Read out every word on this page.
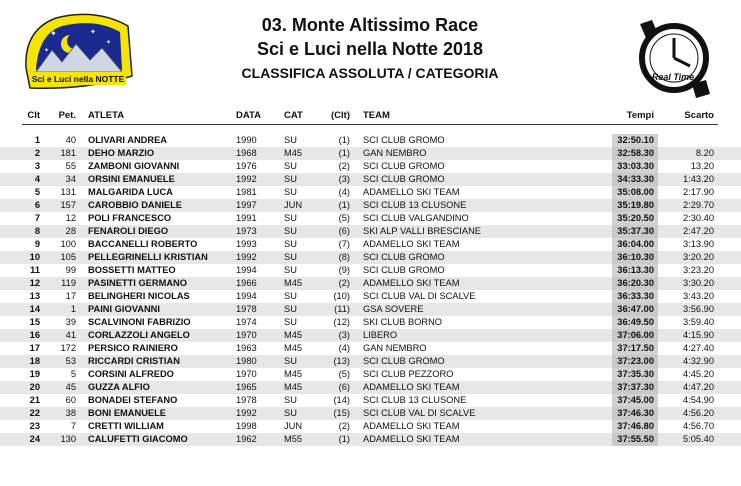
✦	✦
✦
✦
Sci e Luci nella NOTTE
03. Monte Altissimo Race
Sci e Luci nella Notte 2018
CLASSIFICA ASSOLUTA / CATEGORIA	Real Time
Clt	Pet. ATLETA	DATA CAT	(Clt) TEAM	Tempi	Scarto
1	40 OLIVARI ANDREA	1990	SU	(1) SCI CLUB GROMO	32:50.10
2	181 DEHO MARZIO	1968	M45	(1) GAN NEMBRO	32:58.30	8.20
3	55 ZAMBONI GIOVANNI	1976	SU	(2) SCI CLUB GROMO	33:03.30	13.20
4	34 ORSINI EMANUELE	1992	SU	(3) SCI CLUB GROMO	34:33.30	1:43.20
5	131 MALGARIDA LUCA	1981	SU	(4) ADAMELLO SKI TEAM	35:08.00	2:17.90
6	157 CAROBBIO DANIELE	1997	JUN	(1) SCI CLUB 13 CLUSONE	35:19.80	2:29.70
7	12 POLI FRANCESCO	1991	SU	(5) SCI CLUB VALGANDINO	35:20.50	2:30.40
8	28 FENAROLI DIEGO	1973	SU	(6) SKI ALP VALLI BRESCIANE	35:37.30	2:47.20
9	100 BACCANELLI ROBERTO	1993	SU	(7) ADAMELLO SKI TEAM	36:04.00	3:13.90
10	105 PELLEGRINELLI KRISTIAN	1992	SU	(8) SCI CLUB GROMO	36:10.30	3:20.20
11	99 BOSSETTI MATTEO	1994	SU	(9) SCI CLUB GROMO	36:13.30	3:23.20
12	119 PASINETTI GERMANO	1966	M45	(2) ADAMELLO SKI TEAM	36:20.30	3:30.20
13	17 BELINGHERI NICOLAS	1994	SU	(10) SCI CLUB VAL DI SCALVE	36:33.30	3:43.20
14	1 PAINI GIOVANNI	1978	SU	(11) GSA SOVERE	36:47.00	3:56.90
15	39 SCALVINONI FABRIZIO	1974	SU	(12) SKI CLUB BORNO	36:49.50	3:59.40
16	41 CORLAZZOLI ANGELO	1970	M45	(3) LIBERO	37:06.00	4:15.90
17	172 PERSICO RAINIERO	1963	M45	(4) GAN NEMBRO	37:17.50	4:27.40
18	53 RICCARDI CRISTIAN	1980	SU	(13) SCI CLUB GROMO	37:23.00	4:32.90
19	5 CORSINI ALFREDO	1970	M45	(5) SCI CLUB PEZZORO	37:35.30	4:45.20
20	45 GUZZA ALFIO	1965	M45	(6) ADAMELLO SKI TEAM	37:37.30	4:47.20
21	60 BONADEI STEFANO	1978	SU	(14) SCI CLUB 13 CLUSONE	37:45.00	4:54.90
22	38 BONI EMANUELE	1992	SU	(15) SCI CLUB VAL DI SCALVE	37:46.30	4:56.20
23	7 CRETTI WILLIAM	1998	JUN	(2) ADAMELLO SKI TEAM	37:46.80	4:56.70
24	130 CALUFETTI GIACOMO	1962	M55	(1) ADAMELLO SKI TEAM	37:55.50	5:05.40
